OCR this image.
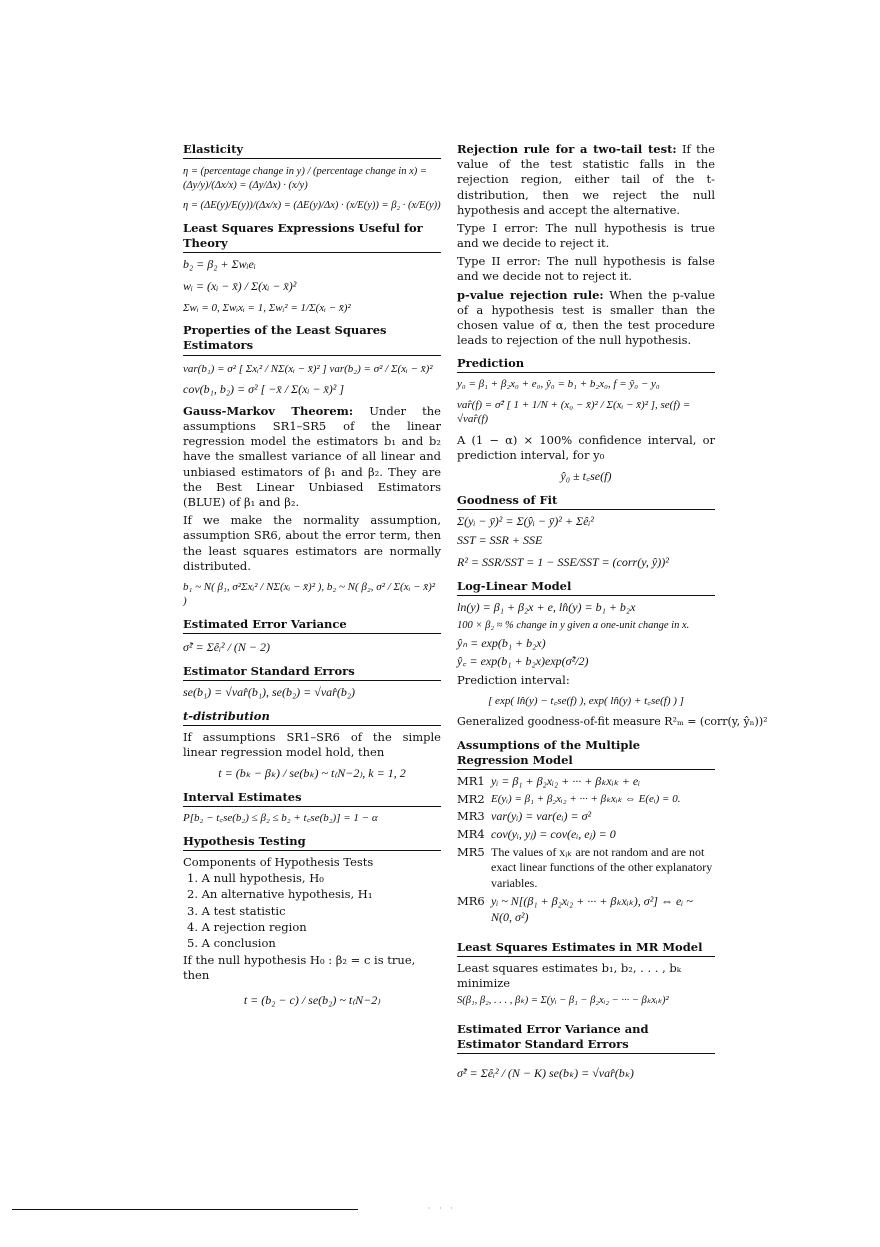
Elasticity
η = (percentage change in y) / (percentage change in x) = (Δy/y)/(Δx/x) = (Δy/Δx) · (x/y)
η = (ΔE(y)/E(y))/(Δx/x) = (ΔE(y)/Δx) · (x/E(y)) = β₂ · (x/E(y))
Least Squares Expressions Useful for Theory
b₂ = β₂ + Σwᵢeᵢ
wᵢ = (xᵢ − x̄) / Σ(xᵢ − x̄)²
Σwᵢ = 0, Σwᵢxᵢ = 1, Σwᵢ² = 1/Σ(xᵢ − x̄)²
Properties of the Least Squares Estimators
var(b₁) = σ² [ Σxᵢ² / NΣ(xᵢ − x̄)² ] var(b₂) = σ² / Σ(xᵢ − x̄)²
cov(b₁, b₂) = σ² [ −x̄ / Σ(xᵢ − x̄)² ]

Gauss-Markov Theorem: Under the assumptions SR1–SR5 of the linear regression model the estimators b₁ and b₂ have the smallest variance of all linear and unbiased estimators of β₁ and β₂. They are the Best Linear Unbiased Estimators (BLUE) of β₁ and β₂.

If we make the normality assumption, assumption SR6, about the error term, then the least squares estimators are normally distributed.

b₁ ~ N( β₁, σ²Σxᵢ² / NΣ(xᵢ − x̄)² ), b₂ ~ N( β₂, σ² / Σ(xᵢ − x̄)² )
Estimated Error Variance
σ̂² = Σêᵢ² / (N − 2)
Estimator Standard Errors
se(b₁) = √var̂(b₁), se(b₂) = √var̂(b₂)
t-distribution

If assumptions SR1–SR6 of the simple linear regression model hold, then

t = (bₖ − βₖ) / se(bₖ) ~ t₍N−2₎, k = 1, 2
Interval Estimates
P[b₂ − t꜀se(b₂) ≤ β₂ ≤ b₂ + t꜀se(b₂)] = 1 − α
Hypothesis Testing
Components of Hypothesis Tests
1. A null hypothesis, H₀
2. An alternative hypothesis, H₁
3. A test statistic
4. A rejection region
5. A conclusion
If the null hypothesis H₀ : β₂ = c is true, then
t = (b₂ − c) / se(b₂) ~ t₍N−2₎

Rejection rule for a two-tail test: If the value of the test statistic falls in the rejection region, either tail of the t-distribution, then we reject the null hypothesis and accept the alternative.

Type I error: The null hypothesis is true and we decide to reject it.

Type II error: The null hypothesis is false and we decide not to reject it.

p-value rejection rule: When the p-value of a hypothesis test is smaller than the chosen value of α, then the test procedure leads to rejection of the null hypothesis.

Prediction
y₀ = β₁ + β₂x₀ + e₀, ŷ₀ = b₁ + b₂x₀, f = ŷ₀ − y₀
var̂(f) = σ̂² [ 1 + 1/N + (x₀ − x̄)² / Σ(xᵢ − x̄)² ], se(f) = √var̂(f)

A (1 − α) × 100% confidence interval, or prediction interval, for y₀

ŷ₀ ± t꜀se(f)
Goodness of Fit
Σ(yᵢ − ȳ)² = Σ(ŷᵢ − ȳ)² + Σêᵢ²
SST = SSR + SSE
R² = SSR/SST = 1 − SSE/SST = (corr(y, ŷ))²
Log-Linear Model
ln(y) = β₁ + β₂x + e, ln̂(y) = b₁ + b₂x
100 × β₂ ≈ % change in y given a one-unit change in x.
ŷₙ = exp(b₁ + b₂x)
ŷ꜀ = exp(b₁ + b₂x)exp(σ̂²/2)
Prediction interval:
[ exp( ln̂(y) − t꜀se(f) ), exp( ln̂(y) + t꜀se(f) ) ]
Generalized goodness-of-fit measure R²ₘ = (corr(y, ŷₙ))²
Assumptions of the Multiple Regression Model
MR1 yᵢ = β₁ + β₂xᵢ₂ + ··· + βₖxᵢₖ + eᵢ
MR2 E(yᵢ) = β₁ + β₂xᵢ₂ + ··· + βₖxᵢₖ ⇔ E(eᵢ) = 0.
MR3 var(yᵢ) = var(eᵢ) = σ²
MR4 cov(yᵢ, yⱼ) = cov(eᵢ, eⱼ) = 0
MR5 The values of xᵢₖ are not random and are not exact linear functions of the other explanatory variables.
MR6 yᵢ ~ N[(β₁ + β₂xᵢ₂ + ··· + βₖxᵢₖ), σ²] ⇔ eᵢ ~ N(0, σ²)
Least Squares Estimates in MR Model
Least squares estimates b₁, b₂, . . . , bₖ minimize
S(β₁, β₂, . . . , βₖ) = Σ(yᵢ − β₁ − β₂xᵢ₂ − ··· − βₖxᵢₖ)²
Estimated Error Variance and Estimator Standard Errors
σ̂² = Σêᵢ² / (N − K) se(bₖ) = √var̂(bₖ)
· · ·
